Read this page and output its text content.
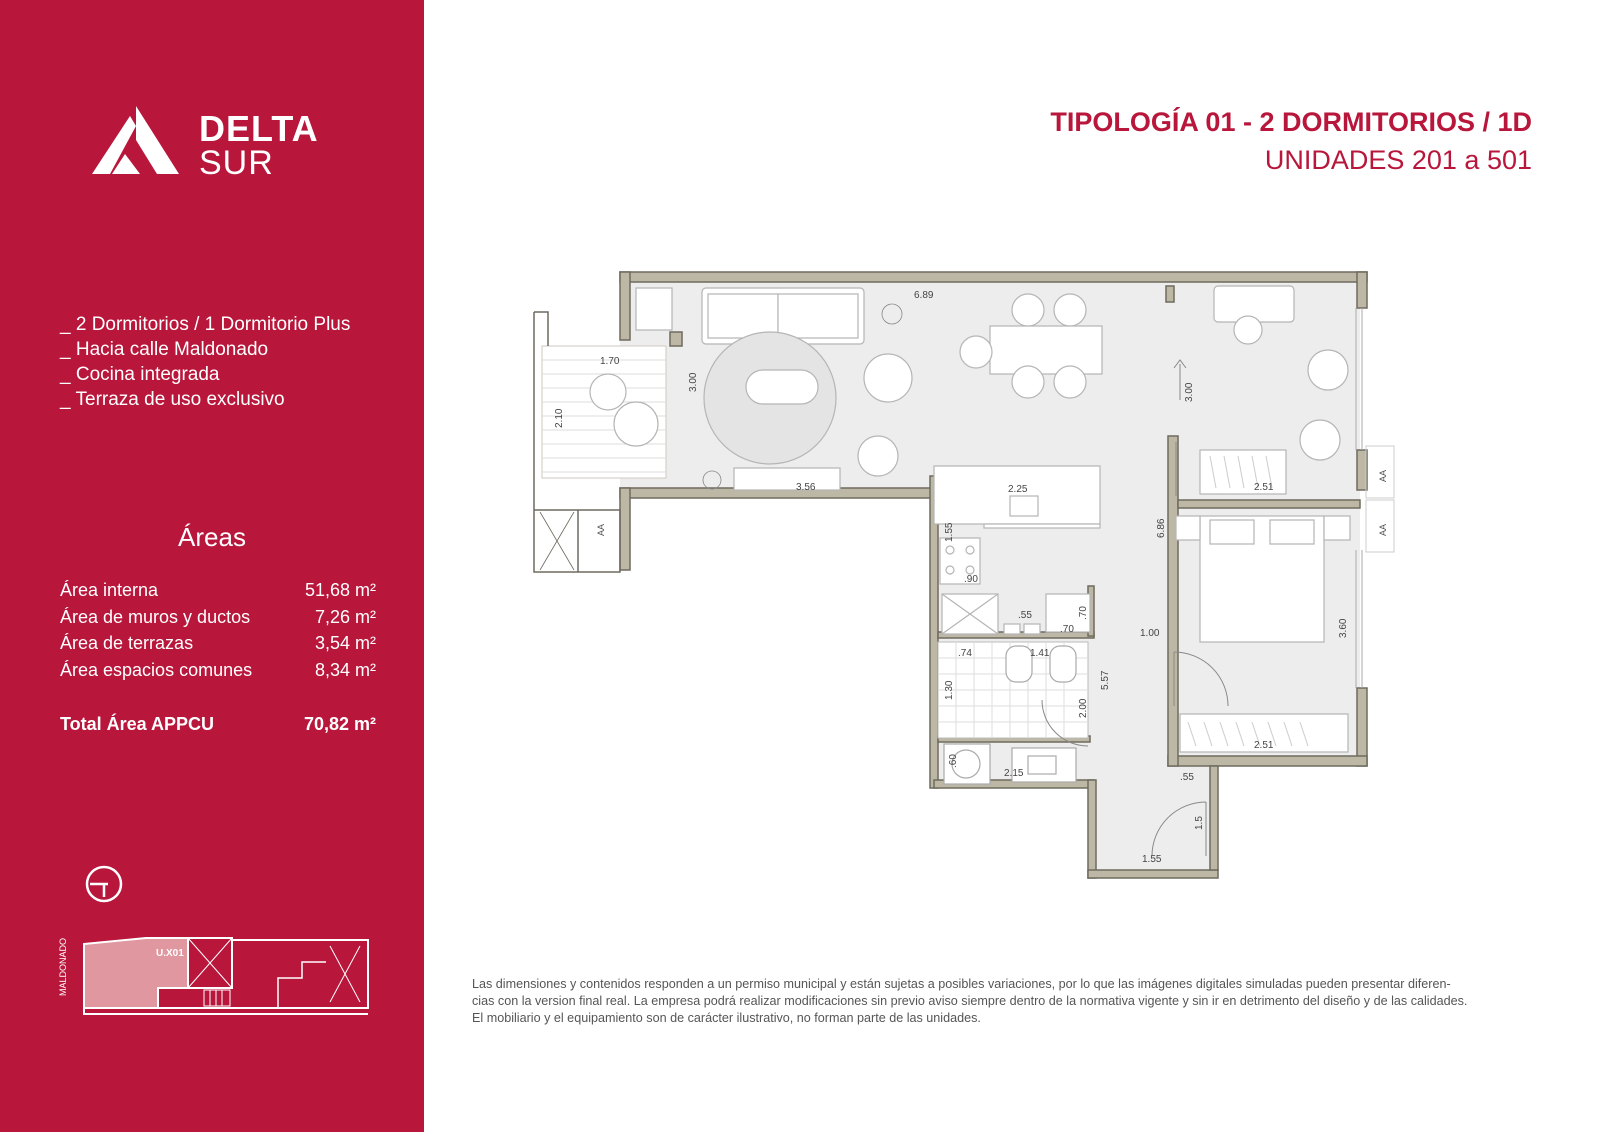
DELTA
SUR
_ 2 Dormitorios / 1 Dormitorio Plus
_ Hacia calle Maldonado
_ Cocina integrada
_ Terraza de uso exclusivo
Áreas
Área interna	51,68 m²
Área de muros y ductos	7,26 m²
Área de terrazas	3,54 m²
Área espacios comunes	8,34 m²
Total Área APPCU	70,82 m²
U.X01
MALDONADO
TIPOLOGÍA 01 - 2 DORMITORIOS / 1D
UNIDADES 201 a 501
AA
AA
AA
6.89
1.70
2.10
3.00
3.56
3.00
2.25
1.55
.90
6.86
2.51
2.51
3.60
1.00
5.57
.55	.70
.70
.74	1.41
1.30
2.00
.60
2.15	.55
1.5
1.55
Las dimensiones y contenidos responden a un permiso municipal y están sujetas a posibles variaciones, por lo que las imágenes digitales simuladas pueden presentar diferen-
cias con la version final real. La empresa podrá realizar modificaciones sin previo aviso siempre dentro de la normativa vigente y sin ir en detrimento del diseño y de las calidades.
El mobiliario y el equipamiento son de carácter ilustrativo, no forman parte de las unidades.
